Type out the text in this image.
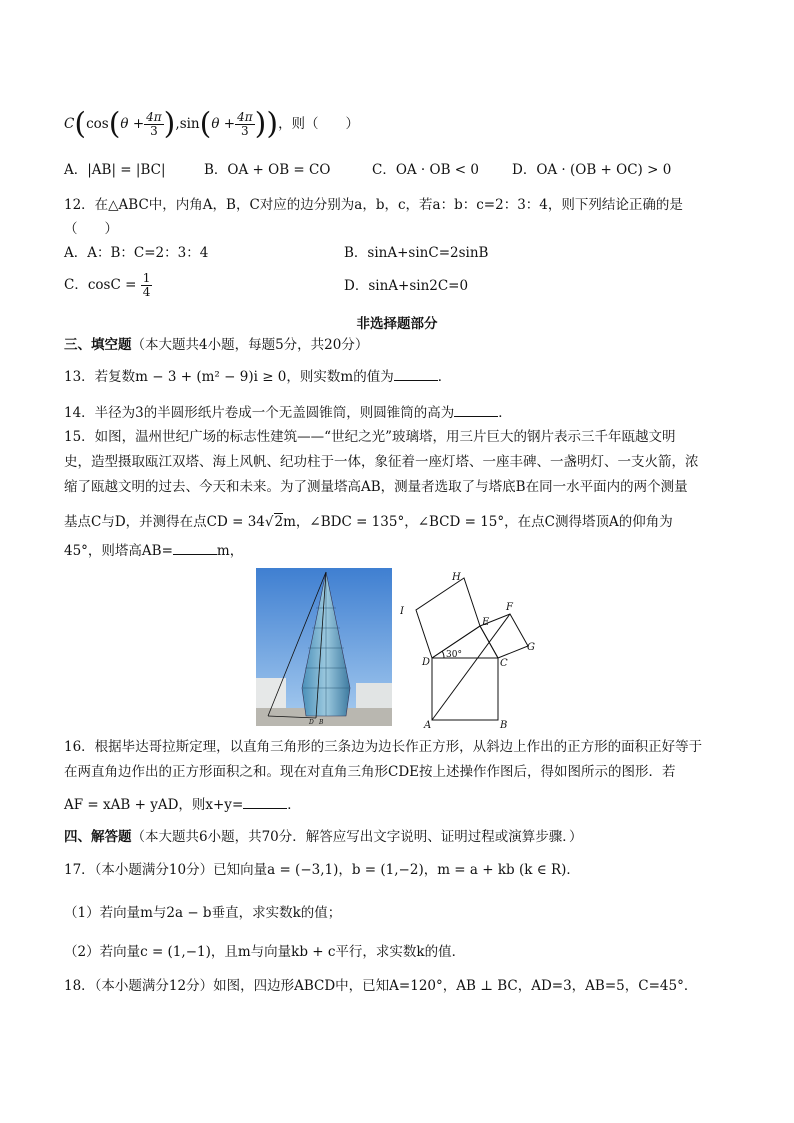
$C(\cos(\theta + \frac{4\pi}{3} ),\sin(\theta + \frac{4\pi}{3}$ ))，则（　　）
A．|AB| = |BC|	B．OA + OB = CO	C．OA · OB < 0 D．OA · (OB + OC) > 0
12．在△ABC中，内角A，B，C对应的边分别为a，b，c，若a：b：c=2：3：4，则下列结论正确的是
（　　）
A．A：B：C=2：3：4	B．sinA+sinC=2sinB
C．$\cos C = \frac{1}{4}$	D．sinA+sin2C=0
非选择题部分
三、填空题（本大题共4小题，每题5分，共20分）
13．若复数m − 3 + (m² − 9)i ≥ 0，则实数m的值为	．
14．半径为3的半圆形纸片卷成一个无盖圆锥筒，则圆锥筒的高为	．
15．如图，温州世纪广场的标志性建筑——“世纪之光”玻璃塔，用三片巨大的钢片表示三千年瓯越文明
史，造型摄取瓯江双塔、海上风帆、纪功柱于一体，象征着一座灯塔、一座丰碑、一盏明灯、一支火箭，浓
缩了瓯越文明的过去、今天和未来。为了测量塔高AB，测量者选取了与塔底B在同一水平面内的两个测量
基点C与D，并测得在点CD = 34√2m，∠BDC = 135°，∠BCD = 15°，在点C测得塔顶A的仰角为
45°，则塔高AB=	m，
D B
H
I
E
F
G
D	C
A	B
30°
16．根据毕达哥拉斯定理，以直角三角形的三条边为边长作正方形，从斜边上作出的正方形的面积正好等于
在两直角边作出的正方形面积之和。现在对直角三角形CDE按上述操作作图后，得如图所示的图形．若
AF = xAB + yAD，则x+y=	．
四、解答题（本大题共6小题，共70分．解答应写出文字说明、证明过程或演算步骤．）
17．（本小题满分10分）已知向量a = (−3,1)，b = (1,−2)，m = a + kb (k ∈ R)．
（1）若向量m与2a − b垂直，求实数k的值；
（2）若向量c = (1,−1)，且m与向量kb + c平行，求实数k的值．
18．（本小题满分12分）如图，四边形ABCD中，已知A=120°，AB ⊥ BC，AD=3，AB=5，C=45°．
